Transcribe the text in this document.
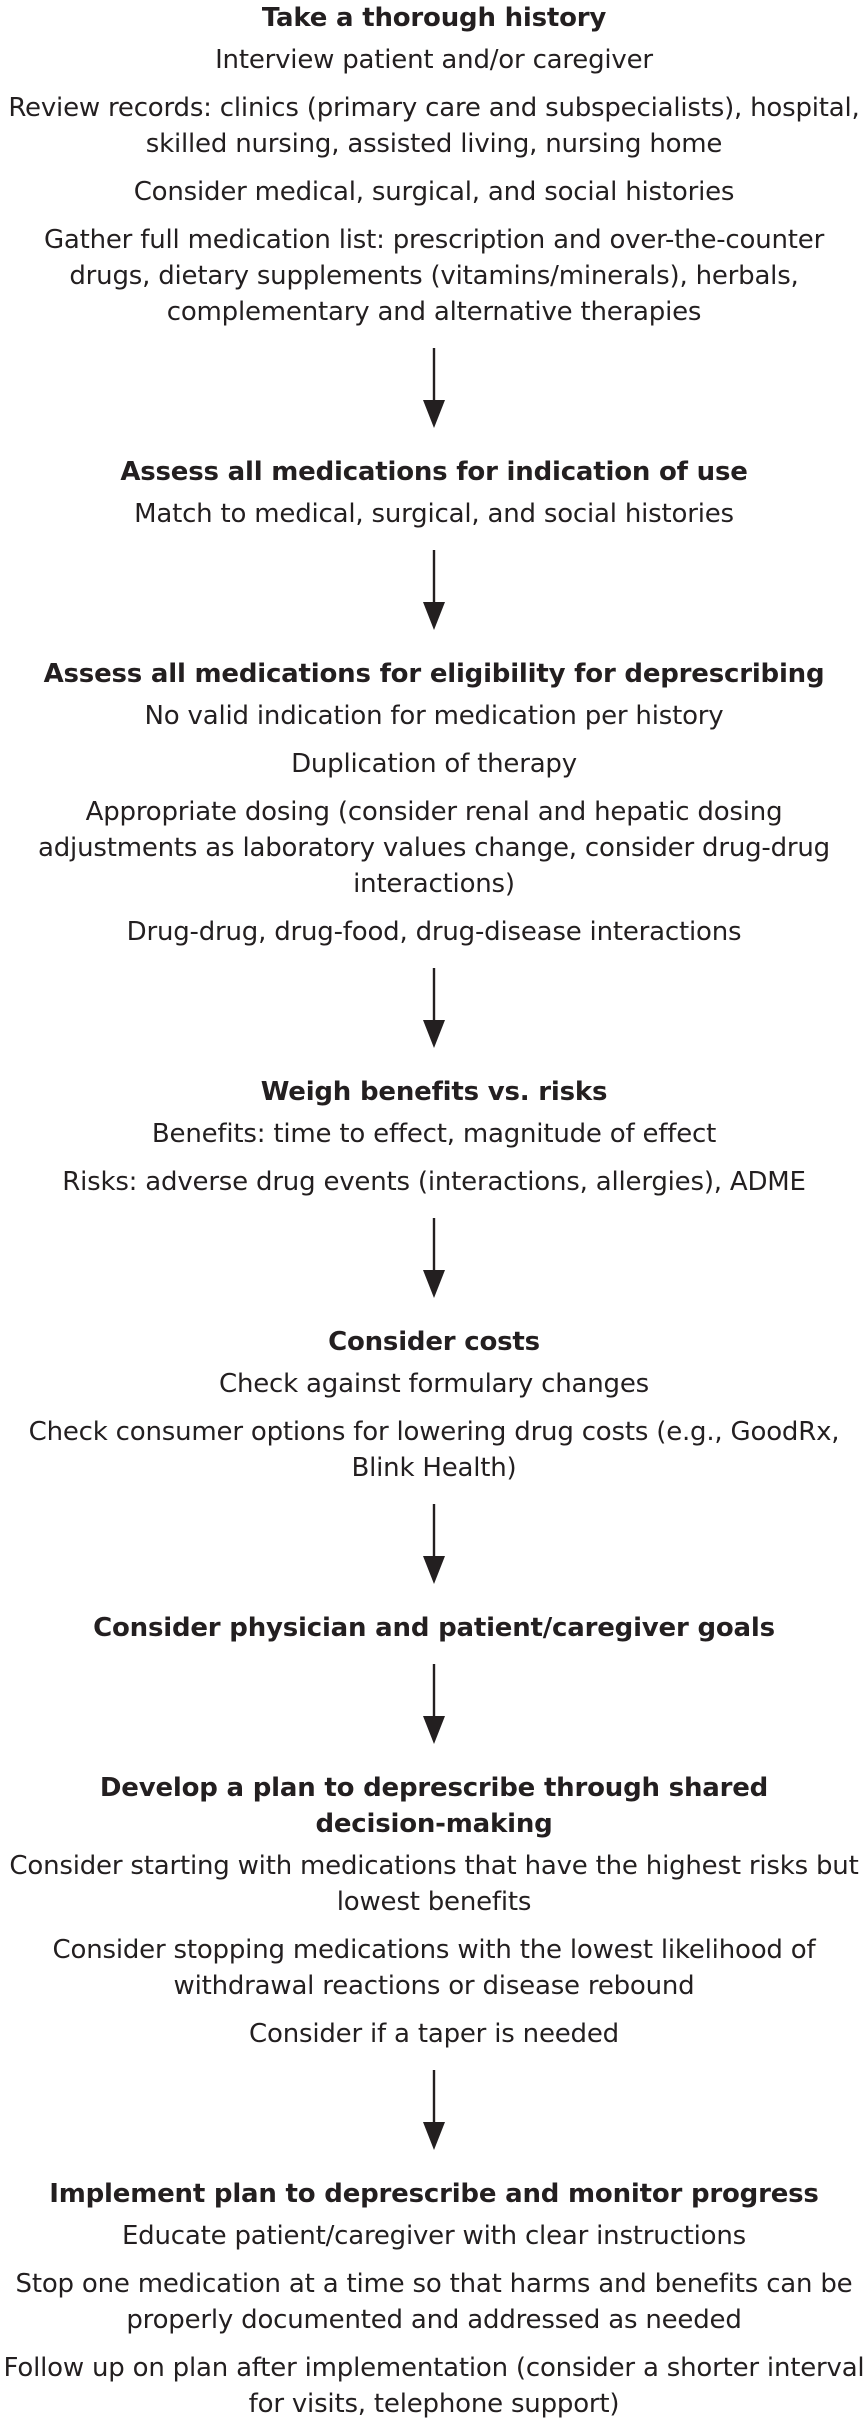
Take a thorough history
Interview patient and/or caregiver
Review records: clinics (primary care and subspecialists), hospital, skilled nursing, assisted living, nursing home
Consider medical, surgical, and social histories
Gather full medication list: prescription and over-the-counter drugs, dietary supplements (vitamins/minerals), herbals, complementary and alternative therapies
Assess all medications for indication of use
Match to medical, surgical, and social histories
Assess all medications for eligibility for deprescribing
No valid indication for medication per history
Duplication of therapy
Appropriate dosing (consider renal and hepatic dosing adjustments as laboratory values change, consider drug-drug interactions)
Drug-drug, drug-food, drug-disease interactions
Weigh benefits vs. risks
Benefits: time to effect, magnitude of effect
Risks: adverse drug events (interactions, allergies), ADME
Consider costs
Check against formulary changes
Check consumer options for lowering drug costs (e.g., GoodRx, Blink Health)
Consider physician and patient/caregiver goals
Develop a plan to deprescribe through shared decision-making
Consider starting with medications that have the highest risks but lowest benefits
Consider stopping medications with the lowest likelihood of withdrawal reactions or disease rebound
Consider if a taper is needed
Implement plan to deprescribe and monitor progress
Educate patient/caregiver with clear instructions
Stop one medication at a time so that harms and benefits can be properly documented and addressed as needed
Follow up on plan after implementation (consider a shorter interval for visits, telephone support)
